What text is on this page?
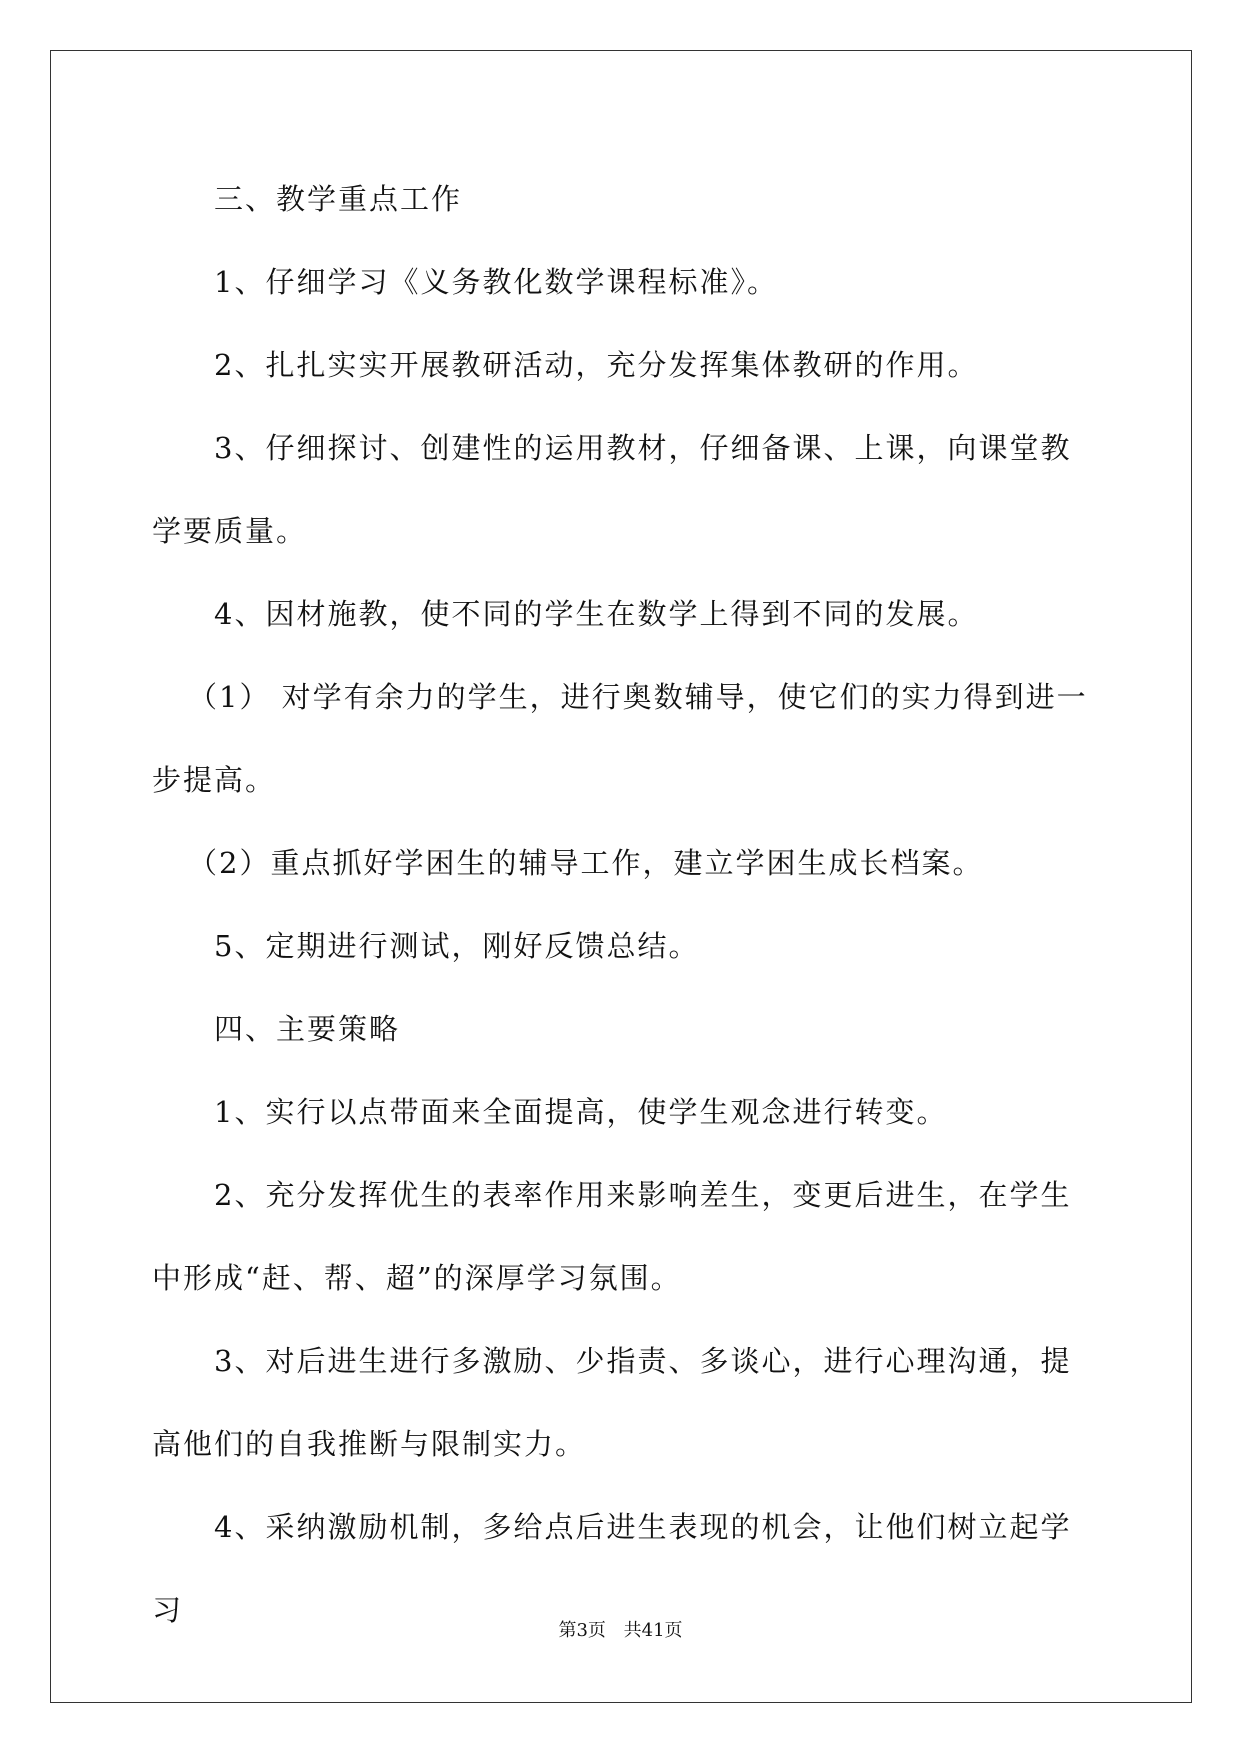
三、教学重点工作

1、仔细学习《义务教化数学课程标准》。

2、扎扎实实开展教研活动，充分发挥集体教研的作用。

3、仔细探讨、创建性的运用教材，仔细备课、上课，向课堂教学要质量。

4、因材施教，使不同的学生在数学上得到不同的发展。

（1） 对学有余力的学生，进行奥数辅导，使它们的实力得到进一步提高。

（2）重点抓好学困生的辅导工作，建立学困生成长档案。

5、定期进行测试，刚好反馈总结。

四、主要策略

1、实行以点带面来全面提高，使学生观念进行转变。

2、充分发挥优生的表率作用来影响差生，变更后进生，在学生中形成“赶、帮、超”的深厚学习氛围。

3、对后进生进行多激励、少指责、多谈心，进行心理沟通，提高他们的自我推断与限制实力。

4、采纳激励机制，多给点后进生表现的机会，让他们树立起学习

第3页 共41页
